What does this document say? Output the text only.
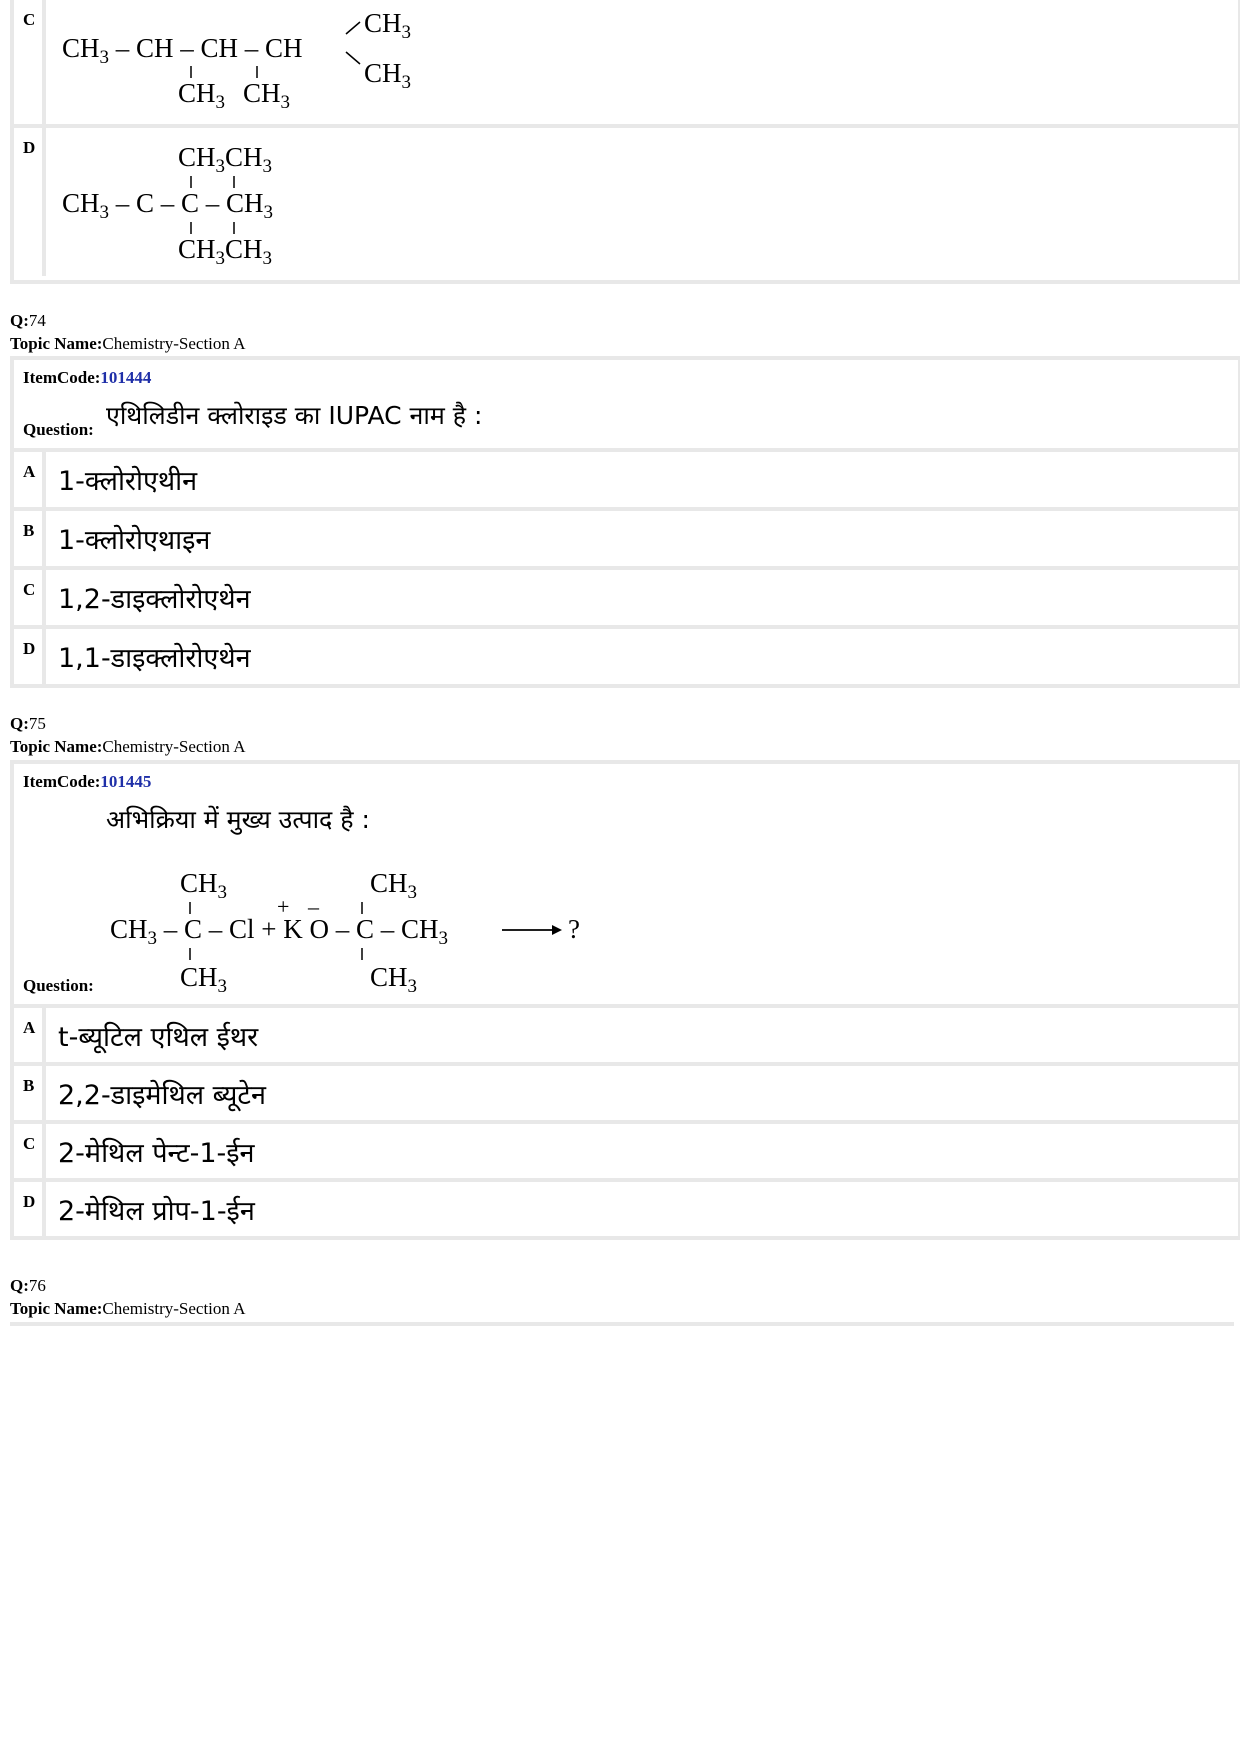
C
$CH_3$ – CH – CH – CH
$CH_3$
$CH_3$
$CH_3$ $CH_3$
D	$CH_3CH_3$
$CH_3$ – C – C – $CH_3$
$CH_3CH_3$
Q:74
Topic Name:Chemistry-Section A
ItemCode:101444
Question: एथिलिडीन क्लोराइड का IUPAC नाम है :
A 1-क्लोरोएथीन
B 1-क्लोरोएथाइन
C 1,2-डाइक्लोरोएथेन
D 1,1-डाइक्लोरोएथेन
Q:75
Topic Name:Chemistry-Section A
ItemCode:101445
अभिक्रिया में मुख्य उत्पाद है :
$CH_3$	$CH_3$
+ –
$CH_3 - C - Cl + K$ O – C – $CH_3$	?
$CH_3$	$CH_3$
Question:
A t-ब्यूटिल एथिल ईथर
B 2,2-डाइमेथिल ब्यूटेन
C 2-मेथिल पेन्ट-1-ईन
D 2-मेथिल प्रोप-1-ईन
Q:76
Topic Name:Chemistry-Section A
